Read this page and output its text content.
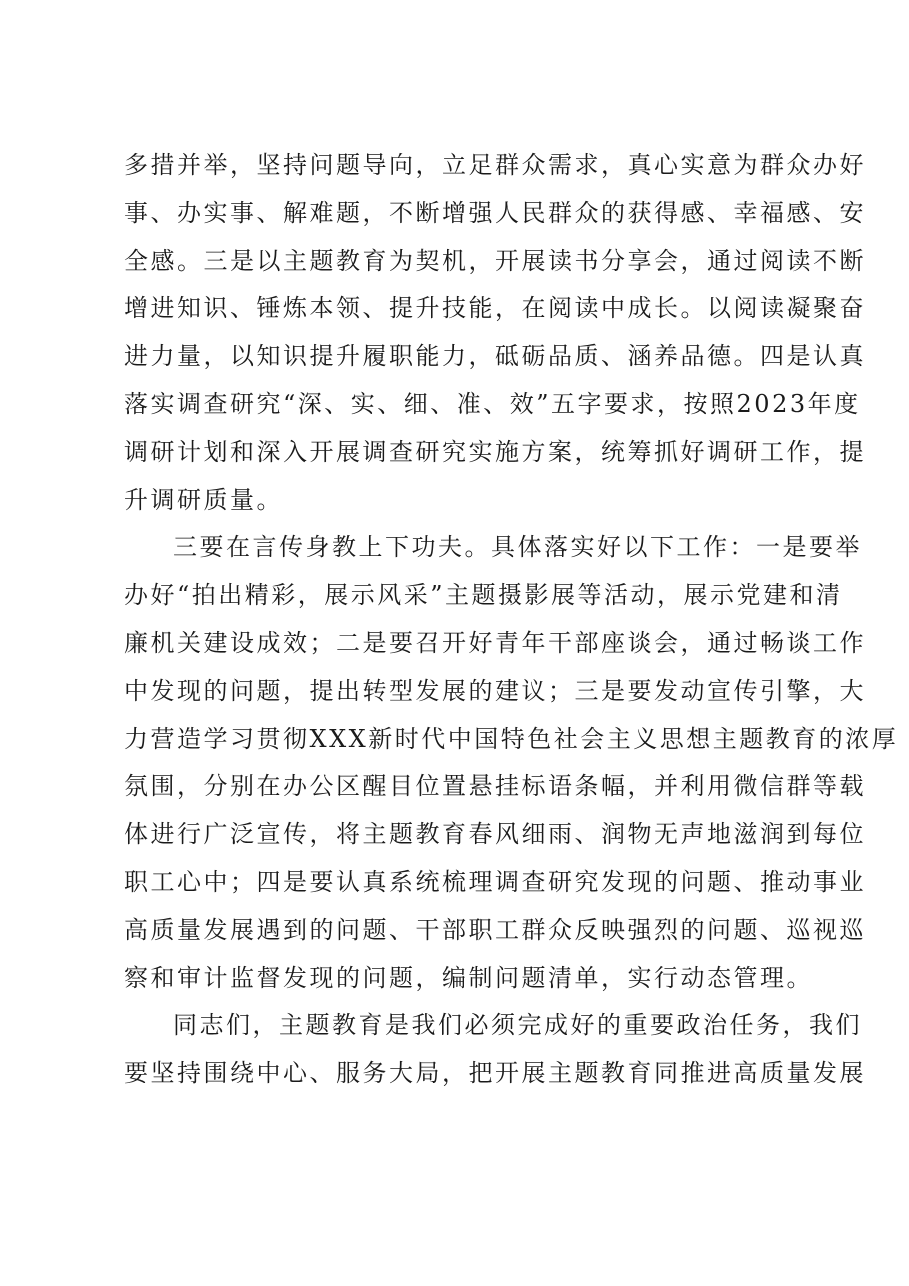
多措并举，坚持问题导向，立足群众需求，真心实意为群众办好
事、办实事、解难题，不断增强人民群众的获得感、幸福感、安
全感。三是以主题教育为契机，开展读书分享会，通过阅读不断
增进知识、锤炼本领、提升技能，在阅读中成长。以阅读凝聚奋
进力量，以知识提升履职能力，砥砺品质、涵养品德。四是认真
落实调查研究“深、实、细、准、效”五字要求，按照2023年度
调研计划和深入开展调查研究实施方案，统筹抓好调研工作，提
升调研质量。
三要在言传身教上下功夫。具体落实好以下工作：一是要举
办好“拍出精彩，展示风采”主题摄影展等活动，展示党建和清
廉机关建设成效；二是要召开好青年干部座谈会，通过畅谈工作
中发现的问题，提出转型发展的建议；三是要发动宣传引擎，大
力营造学习贯彻XXX新时代中国特色社会主义思想主题教育的浓厚
氛围，分别在办公区醒目位置悬挂标语条幅，并利用微信群等载
体进行广泛宣传，将主题教育春风细雨、润物无声地滋润到每位
职工心中；四是要认真系统梳理调查研究发现的问题、推动事业
高质量发展遇到的问题、干部职工群众反映强烈的问题、巡视巡
察和审计监督发现的问题，编制问题清单，实行动态管理。
同志们，主题教育是我们必须完成好的重要政治任务，我们
要坚持围绕中心、服务大局，把开展主题教育同推进高质量发展
